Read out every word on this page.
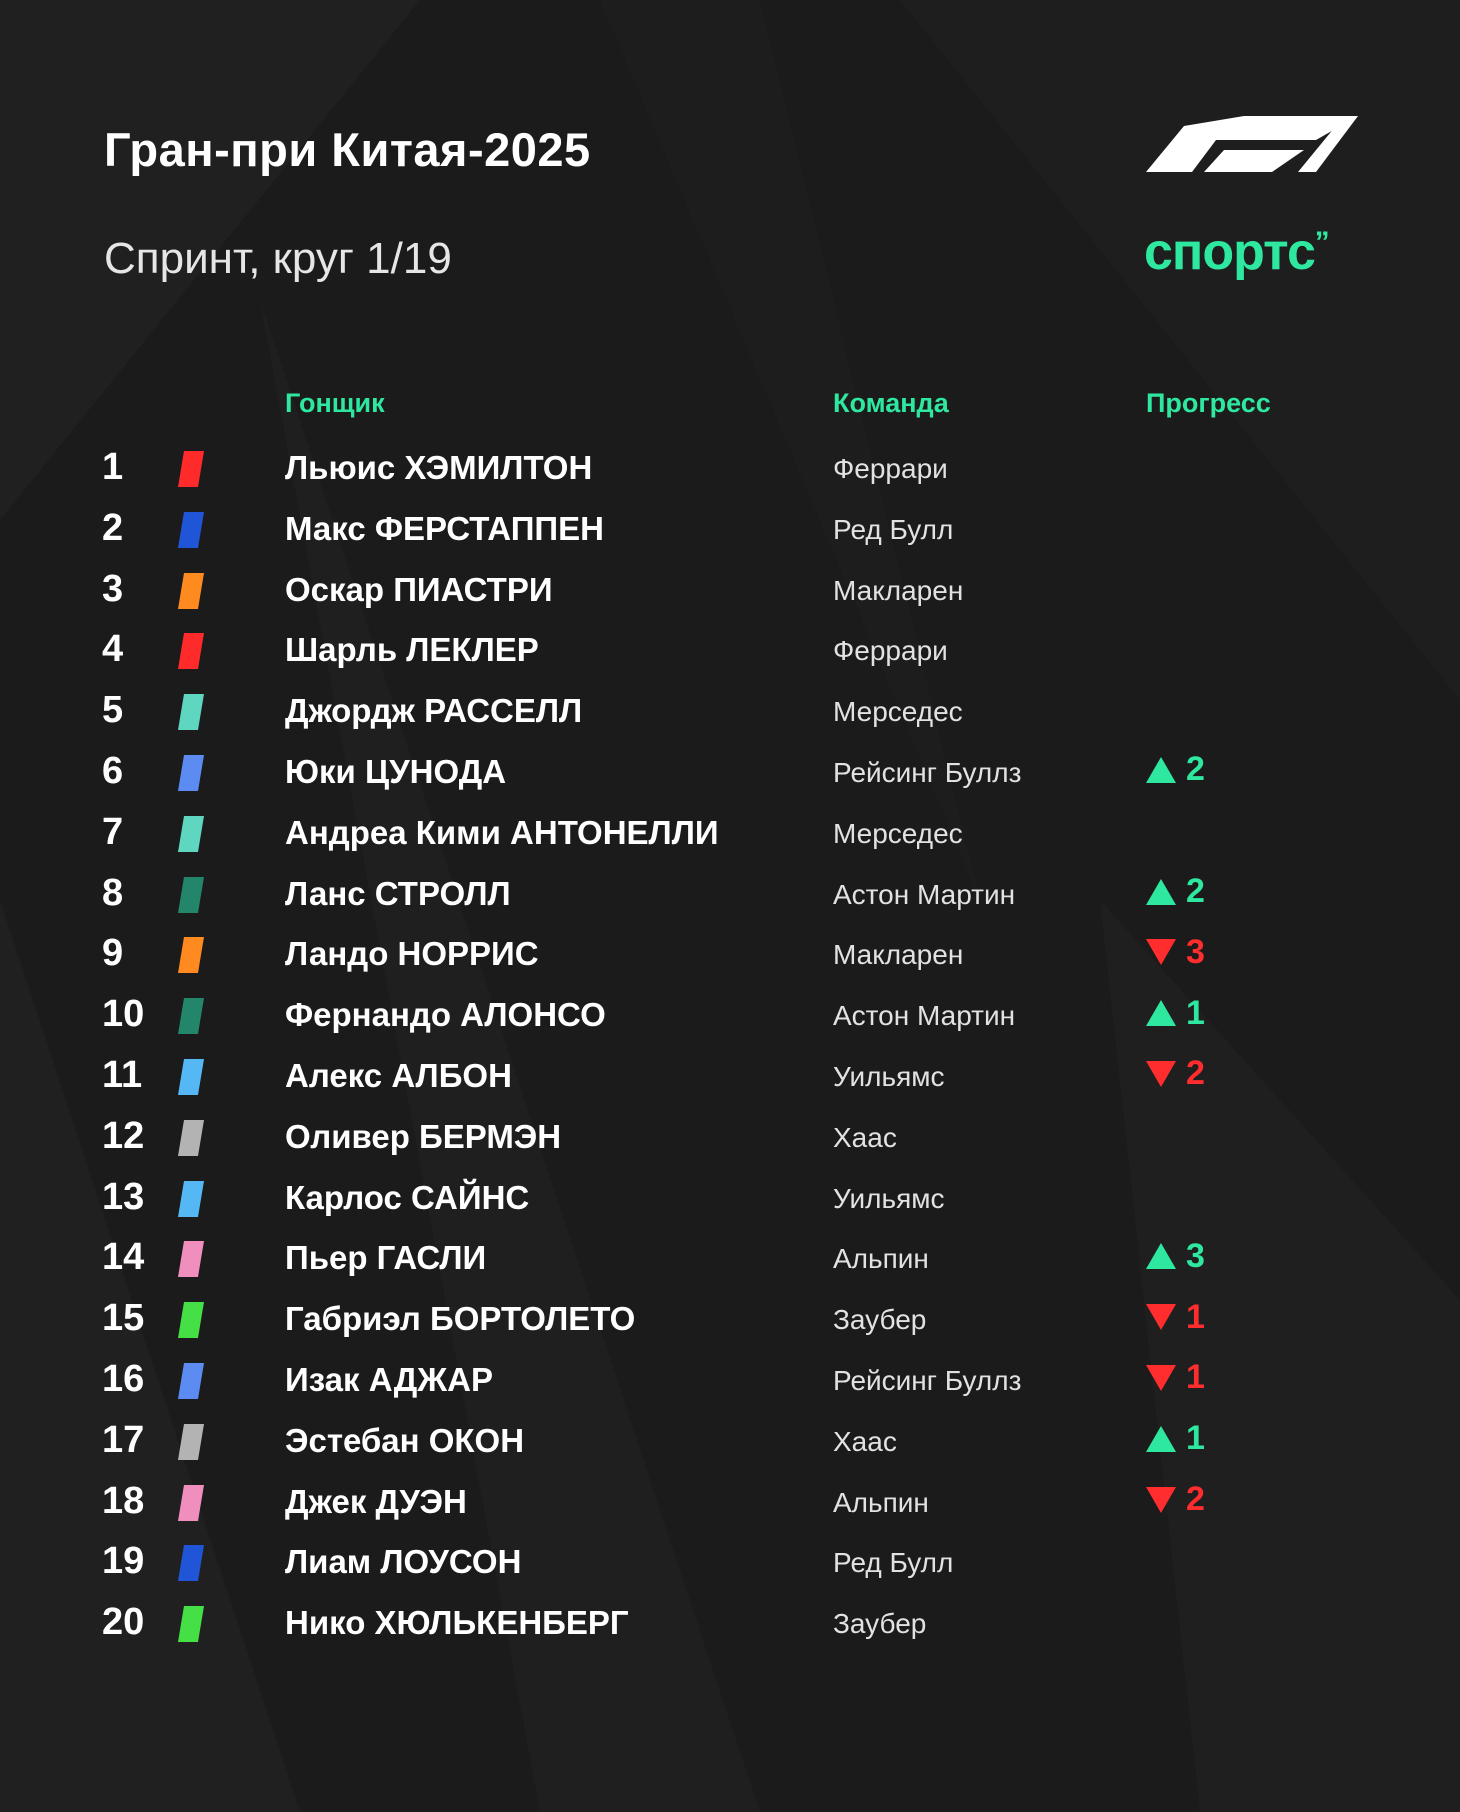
Гран-при Китая-2025
Спринт, круг 1/19	спортс’’
Гонщик	Команда	Прогресс
1	Льюис ХЭМИЛТОН	Феррари
2	Макс ФЕРСТАППЕН	Ред Булл
3	Оскар ПИАСТРИ	Макларен
4	Шарль ЛЕКЛЕР	Феррари
5	Джордж РАССЕЛЛ	Мерседес
6	Юки ЦУНОДА	Рейсинг Буллз	2
7	Андреа Кими АНТОНЕЛЛИ	Мерседес
8	Ланс СТРОЛЛ	Астон Мартин	2
9	Ландо НОРРИС	Макларен	3
10	Фернандо АЛОНСО	Астон Мартин	1
11	Алекс АЛБОН	Уильямс	2
12	Оливер БЕРМЭН	Хаас
13	Карлос САЙНС	Уильямс
14	Пьер ГАСЛИ	Альпин	3
15	Габриэл БОРТОЛЕТО	Заубер	1
16	Изак АДЖАР	Рейсинг Буллз	1
17	Эстебан ОКОН	Хаас	1
18	Джек ДУЭН	Альпин	2
19	Лиам ЛОУСОН	Ред Булл
20	Нико ХЮЛЬКЕНБЕРГ	Заубер
